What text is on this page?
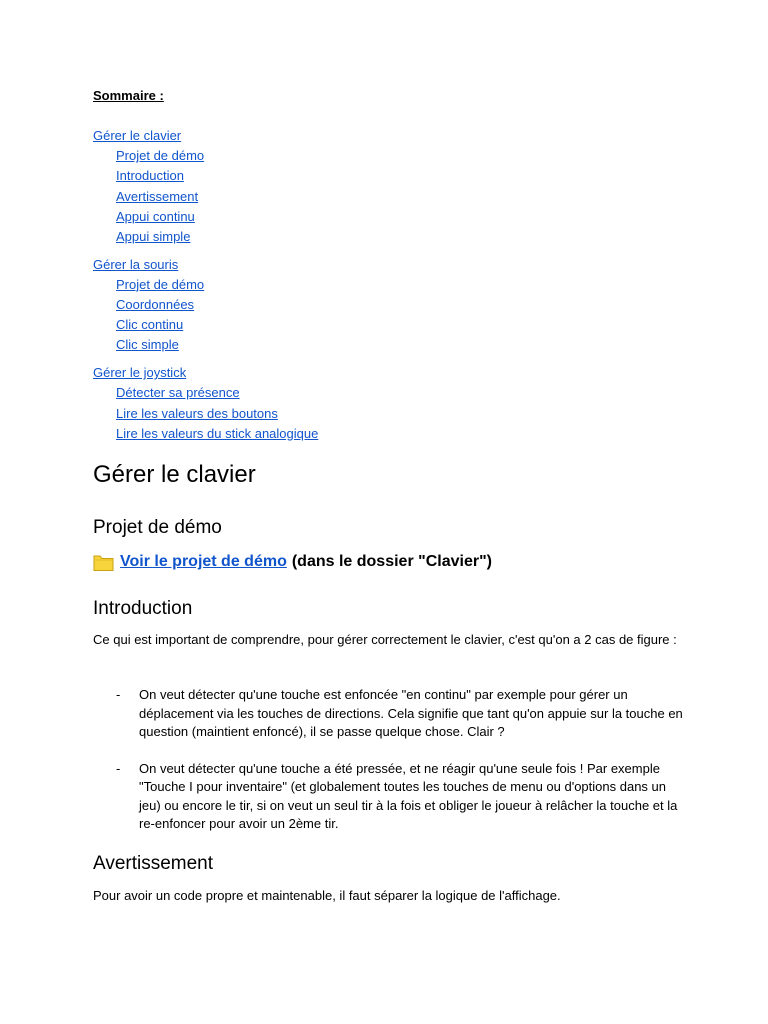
Sommaire :
Gérer le clavier
Projet de démo
Introduction
Avertissement
Appui continu
Appui simple
Gérer la souris
Projet de démo
Coordonnées
Clic continu
Clic simple
Gérer le joystick
Détecter sa présence
Lire les valeurs des boutons
Lire les valeurs du stick analogique
Gérer le clavier
Projet de démo
Voir le projet de démo (dans le dossier "Clavier")
Introduction

Ce qui est important de comprendre, pour gérer correctement le clavier, c'est qu'on a 2 cas de figure :

- On veut détecter qu'une touche est enfoncée "en continu" par exemple pour gérer un déplacement via les touches de directions. Cela signifie que tant qu'on appuie sur la touche en question (maintient enfoncé), il se passe quelque chose. Clair ?
- On veut détecter qu'une touche a été pressée, et ne réagir qu'une seule fois ! Par exemple "Touche I pour inventaire" (et globalement toutes les touches de menu ou d'options dans un jeu) ou encore le tir, si on veut un seul tir à la fois et obliger le joueur à relâcher la touche et la re-enfoncer pour avoir un 2ème tir.
Avertissement

Pour avoir un code propre et maintenable, il faut séparer la logique de l'affichage.
